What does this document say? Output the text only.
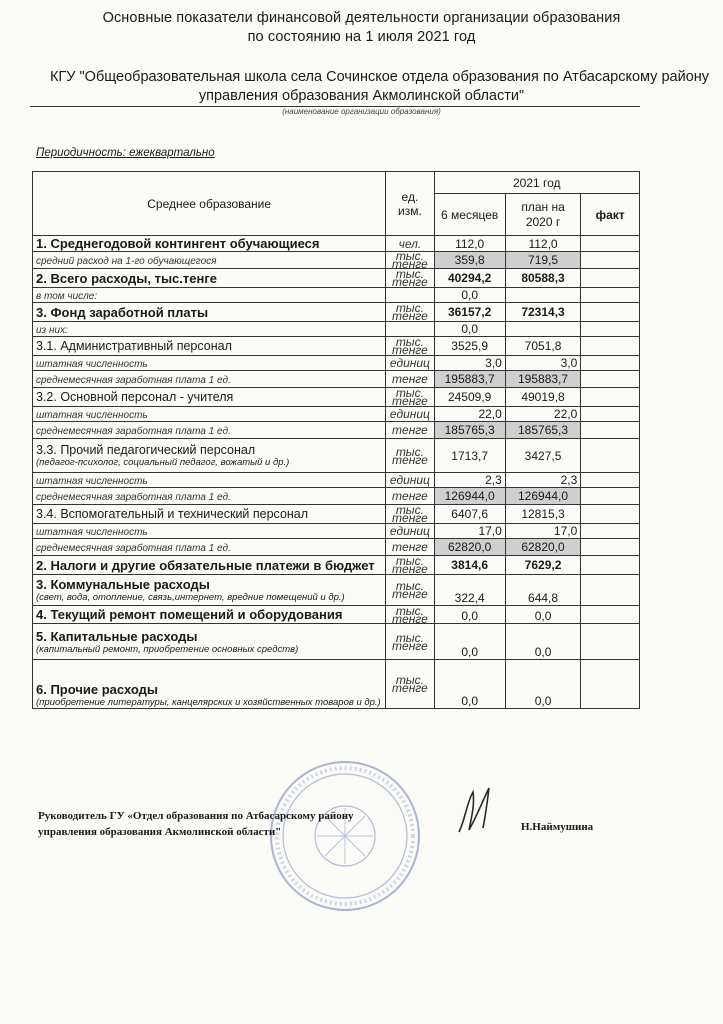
Основные показатели финансовой деятельности организации образования
по состоянию на 1 июля 2021 год
КГУ "Общеобразовательная школа села Сочинское отдела образования по Атбасарскому району
управления образования Акмолинской области"
(наименование организации образования)
Периодичность: ежеквартально
Среднее образование	ед. изм.	2021 год		
		6 месяцев	план на 2020 г	факт
1. Среднегодовой контингент обучающиеся	чел.	112,0	112,0	
средний расход на 1-го обучающегося	тыс. тенге	359,8	719,5	
2. Всего расходы, тыс.тенге	тыс. тенге	40294,2	80588,3	
в том числе:		0,0		
3. Фонд заработной платы	тыс. тенге	36157,2	72314,3	
из них:		0,0		
3.1. Административный персонал	тыс. тенге	3525,9	7051,8	
штатная численность	единиц	3,0	3,0	
среднемесячная заработная плата 1 ед.	тенге	195883,7	195883,7	
3.2. Основной персонал - учителя	тыс. тенге	24509,9	49019,8	
штатная численность	единиц	22,0	22,0	
среднемесячная заработная плата 1 ед.	тенге	185765,3	185765,3	
3.3. Прочий педагогический персонал
(педагог-психолог, социальный педагог, вожатый и др.)	тыс. тенге	1713,7	3427,5	
штатная численность	единиц	2,3	2,3	
среднемесячная заработная плата 1 ед.	тенге	126944,0	126944,0	
3.4. Вспомогательный и технический персонал	тыс. тенге	6407,6	12815,3	
штатная численность	единиц	17,0	17,0	
среднемесячная заработная плата 1 ед.	тенге	62820,0	62820,0	
2. Налоги и другие обязательные платежи в бюджет	тыс. тенге	3814,6	7629,2	
3. Коммунальные расходы
(свет, вода, отопление, связь,интернет, вредние помещений и др.)	тыс. тенге	322,4	644,8	
4. Текущий ремонт помещений и оборудования	тыс. тенге	0,0	0,0	
5. Капитальные расходы
(капитальный ремонт, приобретение основных средств)	тыс. тенге	0,0	0,0	
6. Прочие расходы
(приобретение литературы, канцелярских и хозяйственных товаров и др.)	тыс. тенге	0,0	0,0	
Руководитель ГУ «Отдел образования по Атбасарскому району
управления образования Акмолинской области"	Н.Наймушина
